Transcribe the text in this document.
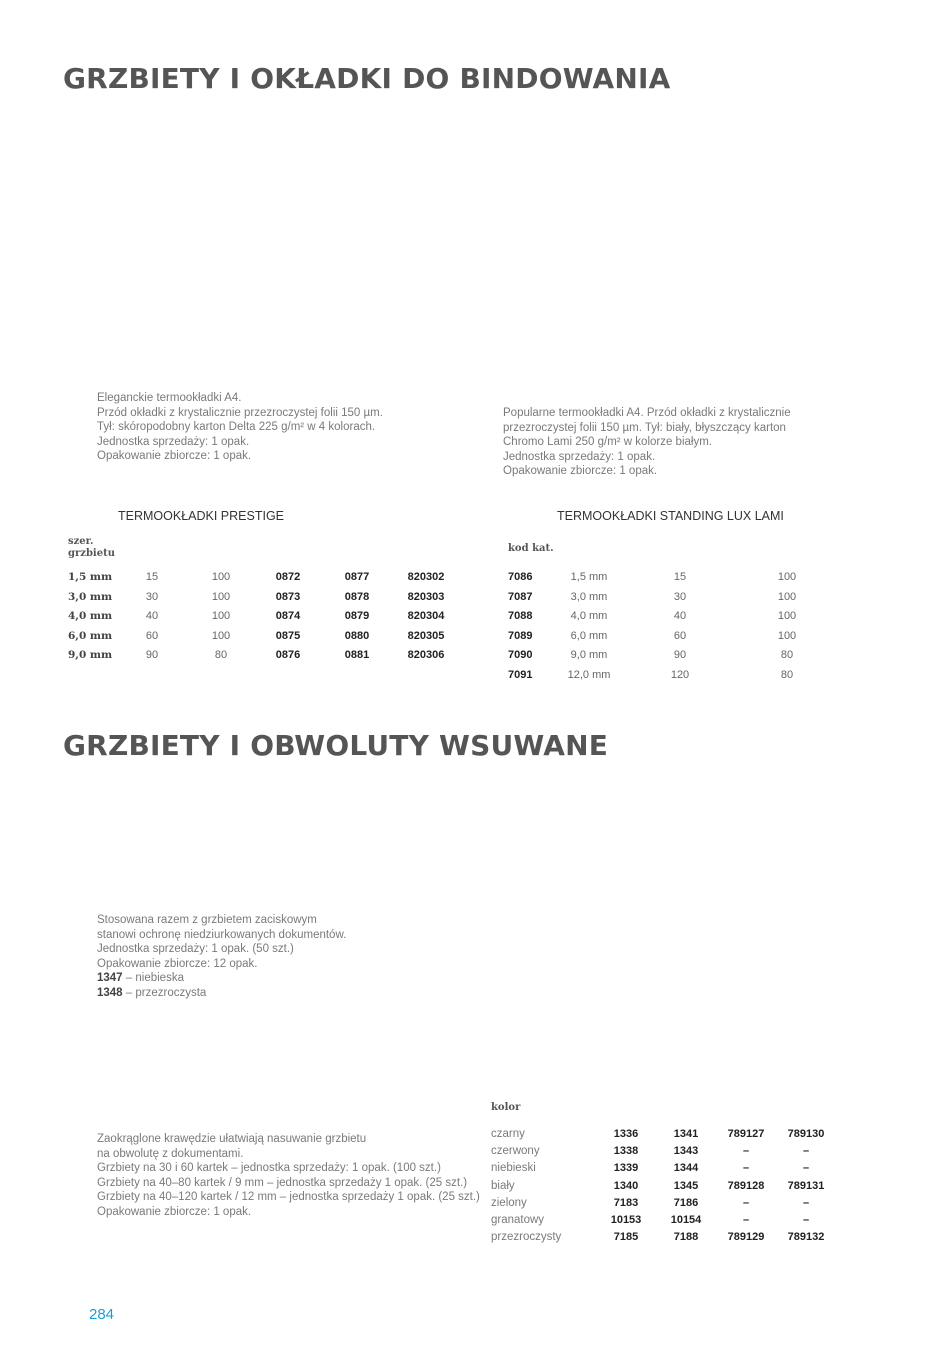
GRZBIETY I OKŁADKI DO BINDOWANIA
Eleganckie termookładki A4.
Przód okładki z krystalicznie przezroczystej folii 150 µm.
Tył: skóropodobny karton Delta 225 g/m² w 4 kolorach.
Jednostka sprzedaży: 1 opak.
Opakowanie zbiorcze: 1 opak.
Popularne termookładki A4. Przód okładki z krystalicznie
przezroczystej folii 150 µm. Tył: biały, błyszczący karton
Chromo Lami 250 g/m² w kolorze białym.
Jednostka sprzedaży: 1 opak.
Opakowanie zbiorcze: 1 opak.
TERMOOKŁADKI PRESTIGE	TERMOOKŁADKI STANDING LUX LAMI
szer. grzbietu	kod kat.
1,5 mm	15	100	0872	0877	820302
3,0 mm	30	100	0873	0878	820303
4,0 mm	40	100	0874	0879	820304
6,0 mm	60	100	0875	0880	820305
9,0 mm	90	80	0876	0881	820306
7086	1,5 mm	15	100
7087	3,0 mm	30	100
7088	4,0 mm	40	100
7089	6,0 mm	60	100
7090	9,0 mm	90	80
7091	12,0 mm	120	80
GRZBIETY I OBWOLUTY WSUWANE
Stosowana razem z grzbietem zaciskowym
stanowi ochronę niedziurkowanych dokumentów.
Jednostka sprzedaży: 1 opak. (50 szt.)
Opakowanie zbiorcze: 12 opak.
1347 – niebieska
1348 – przezroczysta
Zaokrąglone krawędzie ułatwiają nasuwanie grzbietu
na obwolutę z dokumentami.
Grzbiety na 30 i 60 kartek – jednostka sprzedaży: 1 opak. (100 szt.)
Grzbiety na 40–80 kartek / 9 mm – jednostka sprzedaży 1 opak. (25 szt.)
Grzbiety na 40–120 kartek / 12 mm – jednostka sprzedaży 1 opak. (25 szt.)
Opakowanie zbiorcze: 1 opak.
kolor
czarny	1336	1341	789127 789130
czerwony	1338	1343	–	–
niebieski	1339	1344	–	–
biały	1340	1345	789128 789131
zielony	7183	7186	–	–
granatowy	10153	10154	–	–
przezroczysty	7185	7188	789129 789132
284
